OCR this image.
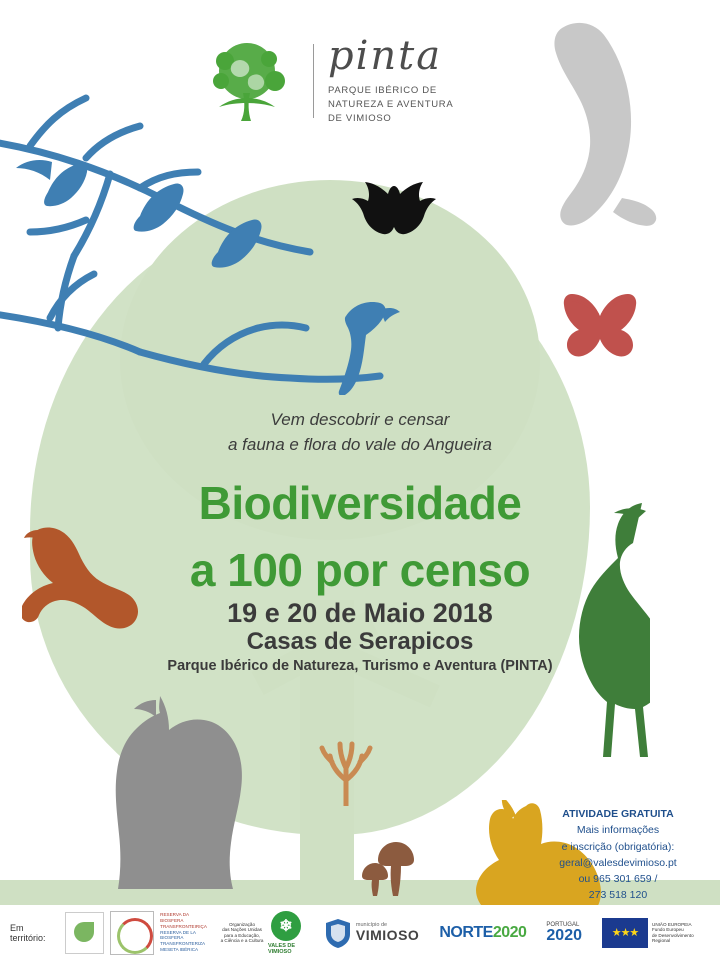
pinta
PARQUE IBÉRICO DE
NATUREZA E AVENTURA
DE VIMIOSO
Vem descobrir e censar
a fauna e flora do vale do Angueira
Biodiversidade
a 100 por censo
19 e 20 de Maio 2018
Casas de Serapicos
Parque Ibérico de Natureza, Turismo e Aventura (PINTA)
ATIVIDADE GRATUITA
Mais informações
e inscrição (obrigatória):
geral@valesdevimioso.pt
ou 965 301 659 /
273 518 120
Em território:
RESERVA DA
BIOSFERA
TRANSFRONTEIRIÇA
RESERVA DE LA
BIOSFERA
TRANSFRONTERIZA
MESETA IBÉRICA
Organização
das Nações Unidas
para a Educação,
a Ciência e a Cultura
❄
VALES DE VIMIOSO
município de
VIMIOSO NORTE2020	PORTUGAL
2020	★★★
UNIÃO EUROPEIA
Fundo Europeu
de Desenvolvimento Regional
